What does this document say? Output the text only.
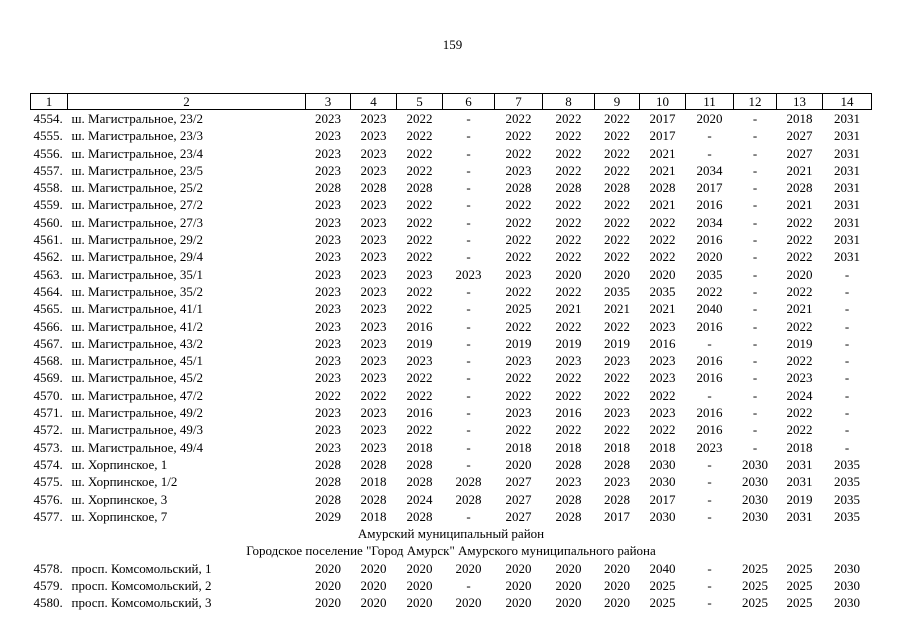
159
1	2	3	4	5	6	7	8	9	10	11	12	13	14
4554.	ш. Магистральное, 23/2	2023	2023	2022	-	2022	2022	2022	2017	2020	-	2018	2031
4555.	ш. Магистральное, 23/3	2023	2023	2022	-	2022	2022	2022	2017	-	-	2027	2031
4556.	ш. Магистральное, 23/4	2023	2023	2022	-	2022	2022	2022	2021	-	-	2027	2031
4557.	ш. Магистральное, 23/5	2023	2023	2022	-	2023	2022	2022	2021	2034	-	2021	2031
4558.	ш. Магистральное, 25/2	2028	2028	2028	-	2028	2028	2028	2028	2017	-	2028	2031
4559.	ш. Магистральное, 27/2	2023	2023	2022	-	2022	2022	2022	2021	2016	-	2021	2031
4560.	ш. Магистральное, 27/3	2023	2023	2022	-	2022	2022	2022	2022	2034	-	2022	2031
4561.	ш. Магистральное, 29/2	2023	2023	2022	-	2022	2022	2022	2022	2016	-	2022	2031
4562.	ш. Магистральное, 29/4	2023	2023	2022	-	2022	2022	2022	2022	2020	-	2022	2031
4563.	ш. Магистральное, 35/1	2023	2023	2023	2023	2023	2020	2020	2020	2035	-	2020	-
4564.	ш. Магистральное, 35/2	2023	2023	2022	-	2022	2022	2035	2035	2022	-	2022	-
4565.	ш. Магистральное, 41/1	2023	2023	2022	-	2025	2021	2021	2021	2040	-	2021	-
4566.	ш. Магистральное, 41/2	2023	2023	2016	-	2022	2022	2022	2023	2016	-	2022	-
4567.	ш. Магистральное, 43/2	2023	2023	2019	-	2019	2019	2019	2016	-	-	2019	-
4568.	ш. Магистральное, 45/1	2023	2023	2023	-	2023	2023	2023	2023	2016	-	2022	-
4569.	ш. Магистральное, 45/2	2023	2023	2022	-	2022	2022	2022	2023	2016	-	2023	-
4570.	ш. Магистральное, 47/2	2022	2022	2022	-	2022	2022	2022	2022	-	-	2024	-
4571.	ш. Магистральное, 49/2	2023	2023	2016	-	2023	2016	2023	2023	2016	-	2022	-
4572.	ш. Магистральное, 49/3	2023	2023	2022	-	2022	2022	2022	2022	2016	-	2022	-
4573.	ш. Магистральное, 49/4	2023	2023	2018	-	2018	2018	2018	2018	2023	-	2018	-
4574.	ш. Хорпинское, 1	2028	2028	2028	-	2020	2028	2028	2030	-	2030	2031	2035
4575.	ш. Хорпинское, 1/2	2028	2018	2028	2028	2027	2023	2023	2030	-	2030	2031	2035
4576.	ш. Хорпинское, 3	2028	2028	2024	2028	2027	2028	2028	2017	-	2030	2019	2035
4577.	ш. Хорпинское, 7	2029	2018	2028	-	2027	2028	2017	2030	-	2030	2031	2035
Амурский муниципальный район													
Городское поселение "Город Амурск" Амурского муниципального района													
4578.	просп. Комсомольский, 1	2020	2020	2020	2020	2020	2020	2020	2040	-	2025	2025	2030
4579.	просп. Комсомольский, 2	2020	2020	2020	-	2020	2020	2020	2025	-	2025	2025	2030
4580.	просп. Комсомольский, 3	2020	2020	2020	2020	2020	2020	2020	2025	-	2025	2025	2030
